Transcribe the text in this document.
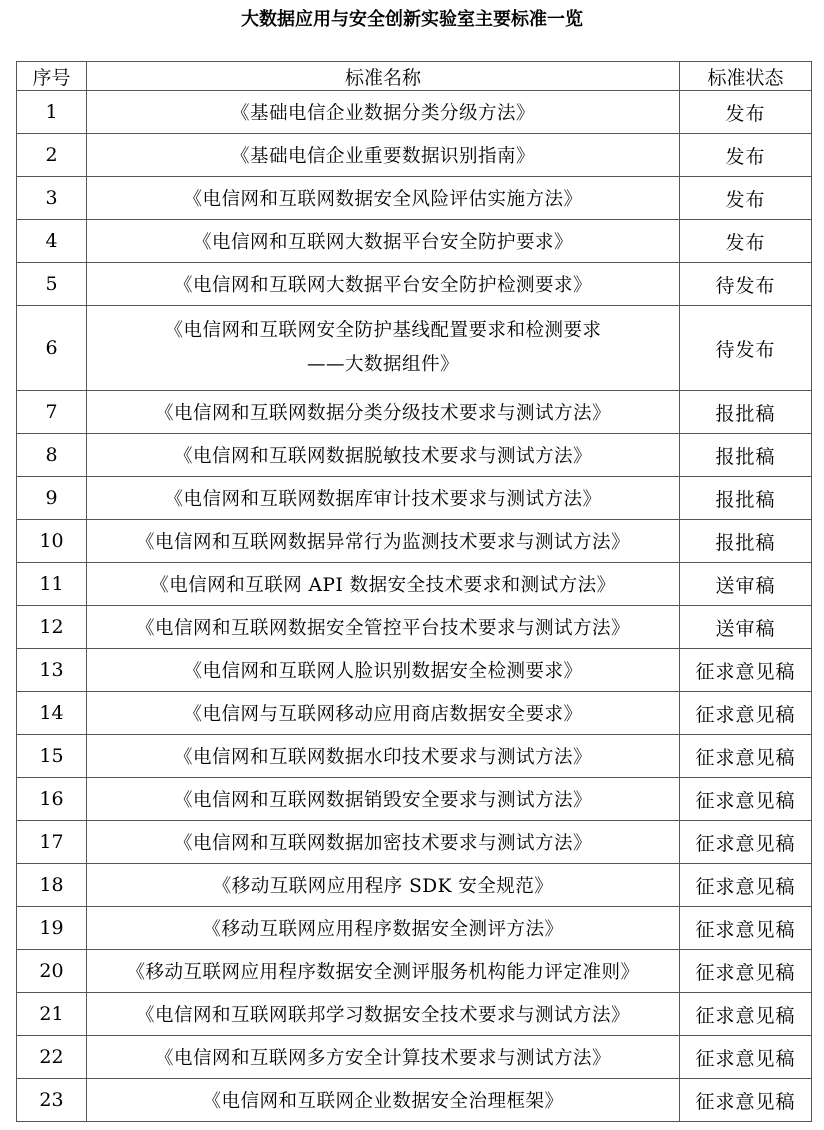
大数据应用与安全创新实验室主要标准一览
序号	标准名称	标准状态
1	《基础电信企业数据分类分级方法》	发布
2	《基础电信企业重要数据识别指南》	发布
3	《电信网和互联网数据安全风险评估实施方法》	发布
4	《电信网和互联网大数据平台安全防护要求》	发布
5	《电信网和互联网大数据平台安全防护检测要求》	待发布
6	《电信网和互联网安全防护基线配置要求和检测要求
——大数据组件》	待发布
7	《电信网和互联网数据分类分级技术要求与测试方法》	报批稿
8	《电信网和互联网数据脱敏技术要求与测试方法》	报批稿
9	《电信网和互联网数据库审计技术要求与测试方法》	报批稿
10	《电信网和互联网数据异常行为监测技术要求与测试方法》	报批稿
11	《电信网和互联网 API 数据安全技术要求和测试方法》	送审稿
12	《电信网和互联网数据安全管控平台技术要求与测试方法》	送审稿
13	《电信网和互联网人脸识别数据安全检测要求》	征求意见稿
14	《电信网与互联网移动应用商店数据安全要求》	征求意见稿
15	《电信网和互联网数据水印技术要求与测试方法》	征求意见稿
16	《电信网和互联网数据销毁安全要求与测试方法》	征求意见稿
17	《电信网和互联网数据加密技术要求与测试方法》	征求意见稿
18	《移动互联网应用程序 SDK 安全规范》	征求意见稿
19	《移动互联网应用程序数据安全测评方法》	征求意见稿
20	《移动互联网应用程序数据安全测评服务机构能力评定准则》	征求意见稿
21	《电信网和互联网联邦学习数据安全技术要求与测试方法》	征求意见稿
22	《电信网和互联网多方安全计算技术要求与测试方法》	征求意见稿
23	《电信网和互联网企业数据安全治理框架》	征求意见稿
